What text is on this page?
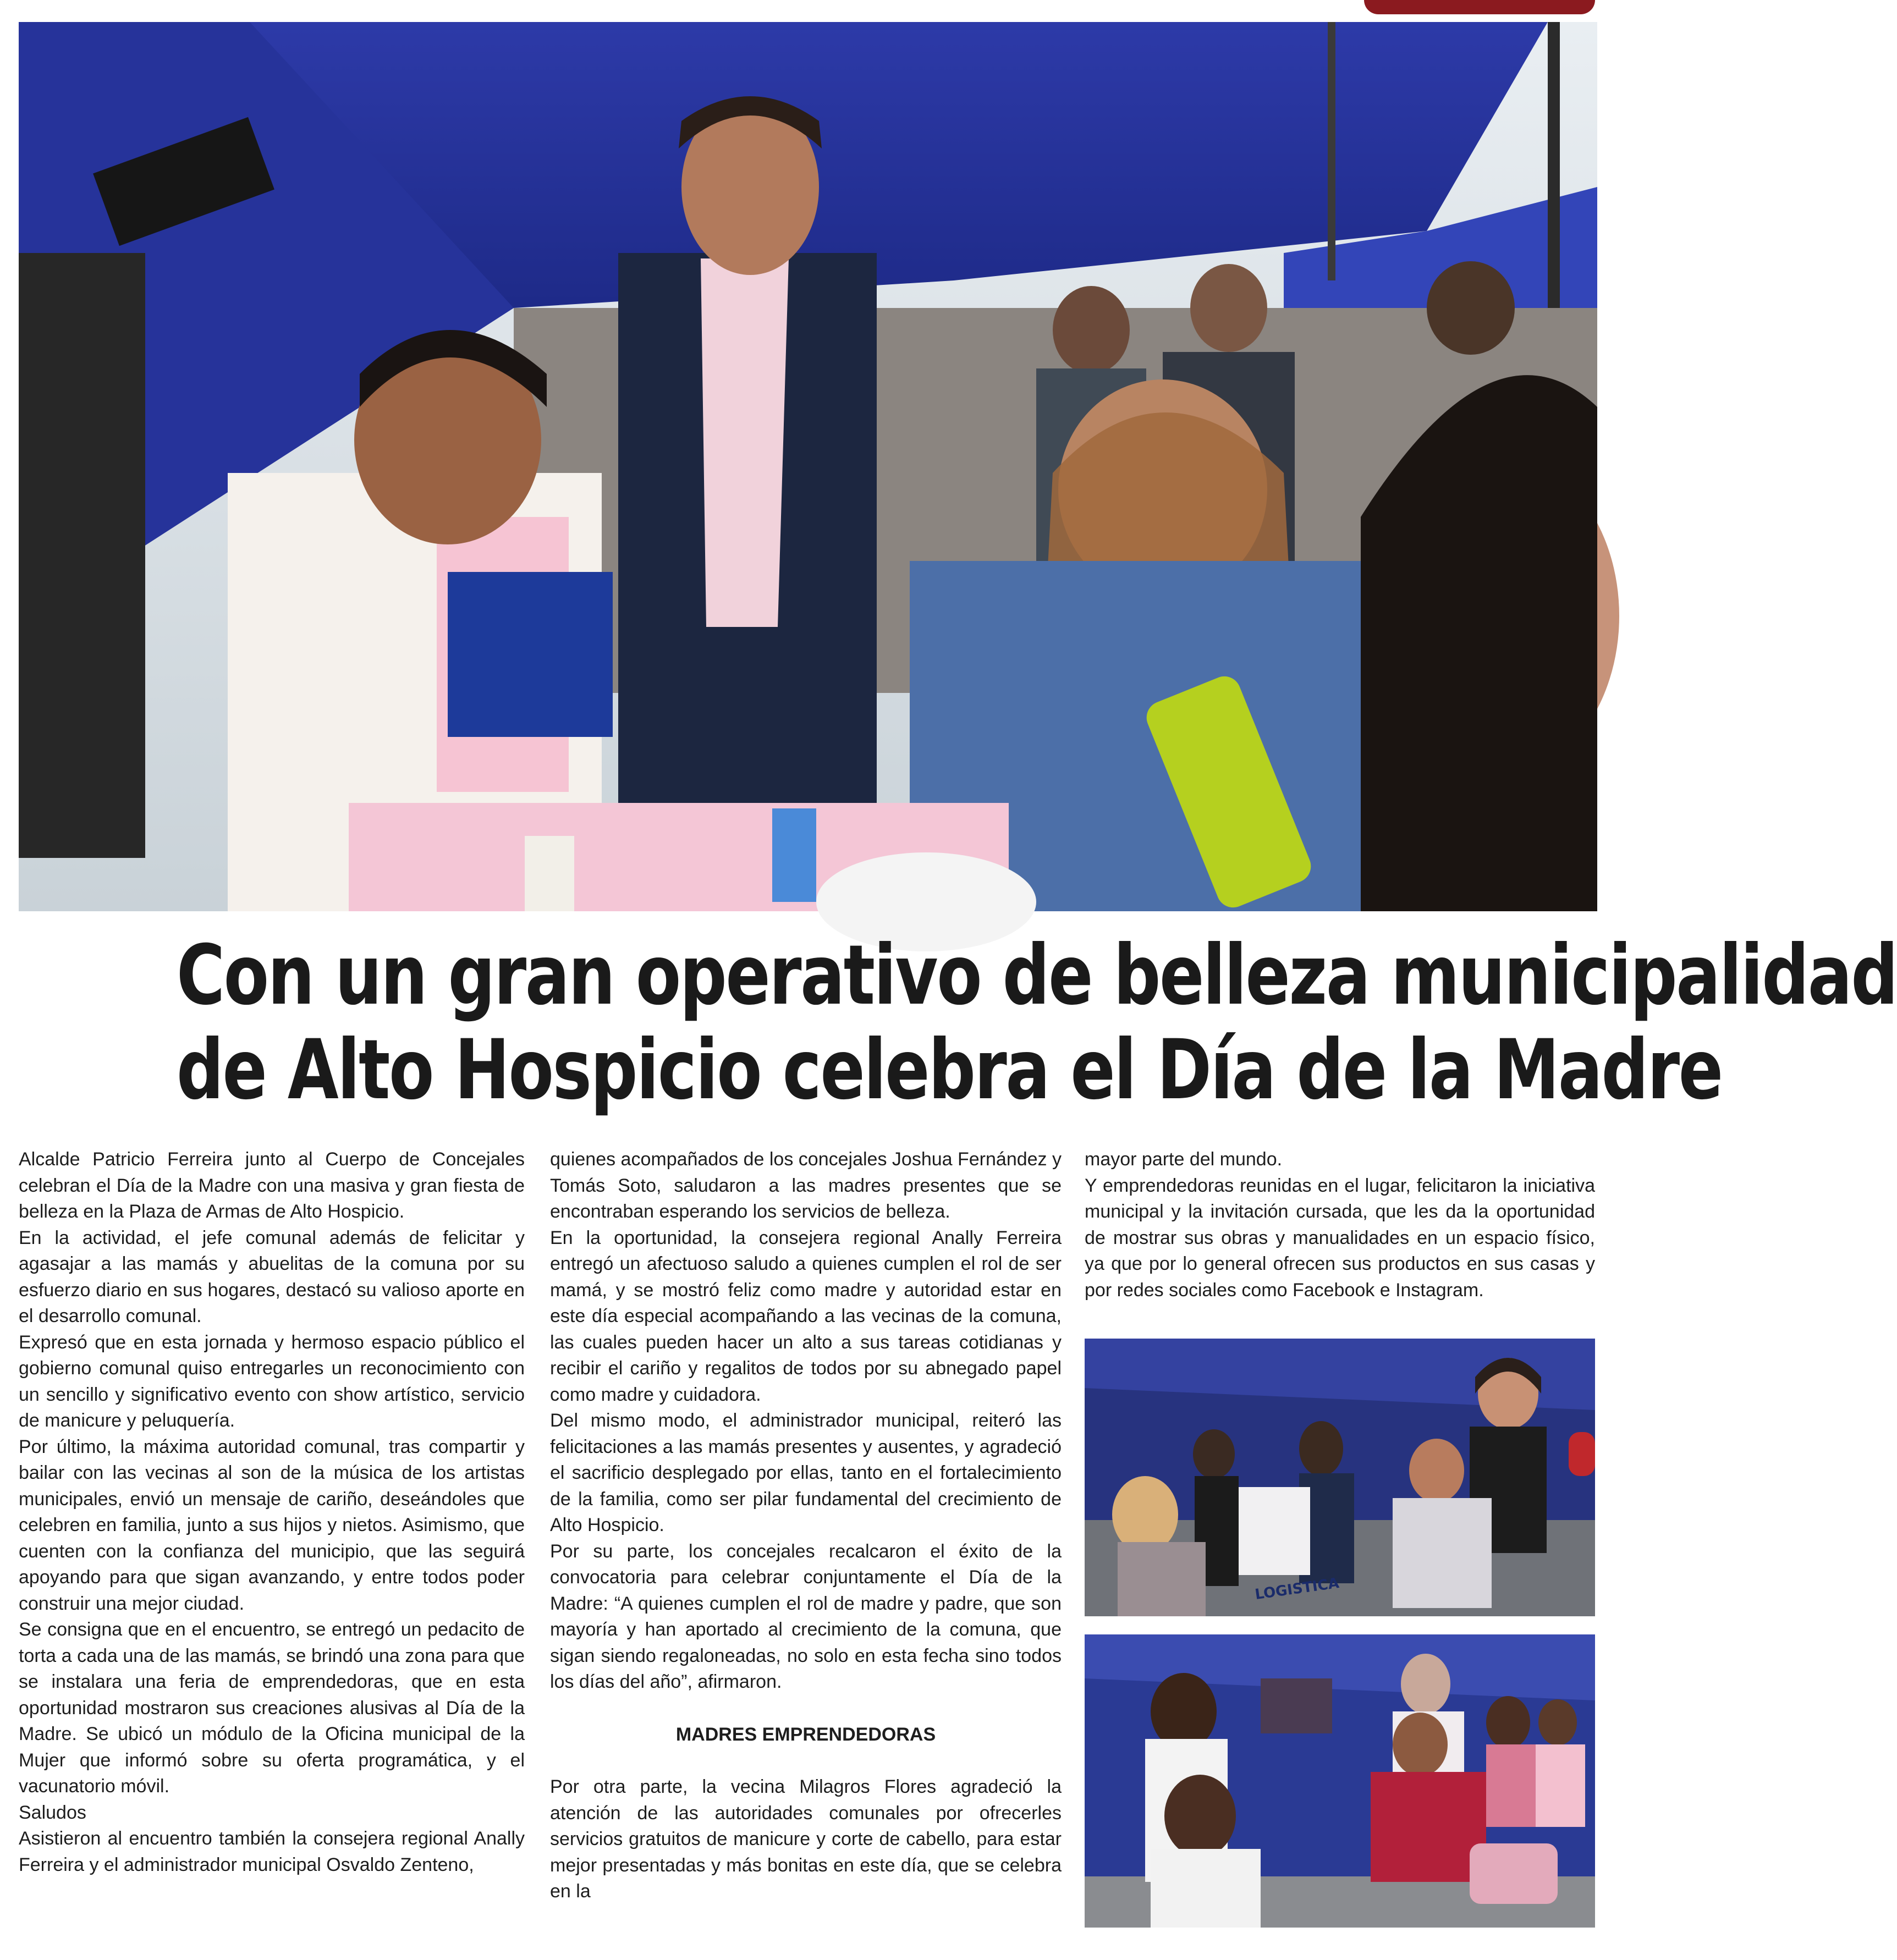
Con un gran operativo de belleza municipalidad
de Alto Hospicio celebra el Día de la Madre

Alcalde Patricio Ferreira junto al Cuerpo de Concejales celebran el Día de la Madre con una masiva y gran fiesta de belleza en la Plaza de Armas de Alto Hospicio.

En la actividad, el jefe comunal además de felicitar y agasajar a las mamás y abuelitas de la comuna por su esfuerzo diario en sus hogares, destacó su valioso aporte en el desarrollo comunal.

Expresó que en esta jornada y hermoso espacio público el gobierno comunal quiso entregarles un reconocimiento con un sencillo y significativo evento con show artístico, servicio de manicure y peluquería.

Por último, la máxima autoridad comunal, tras compartir y bailar con las vecinas al son de la música de los artistas municipales, envió un mensaje de cariño, deseándoles que celebren en familia, junto a sus hijos y nietos. Asimismo, que cuenten con la confianza del municipio, que las seguirá apoyando para que sigan avanzando, y entre todos poder construir una mejor ciudad.

Se consigna que en el encuentro, se entregó un pedacito de torta a cada una de las mamás, se brindó una zona para que se instalara una feria de emprendedoras, que en esta oportunidad mostraron sus creaciones alusivas al Día de la Madre. Se ubicó un módulo de la Oficina municipal de la Mujer que informó sobre su oferta programática, y el vacunatorio móvil.

Saludos

Asistieron al encuentro también la consejera regional Anally Ferreira y el administrador municipal Osvaldo Zenteno,

quienes acompañados de los concejales Joshua Fernández y Tomás Soto, saludaron a las madres presentes que se encontraban esperando los servicios de belleza.

En la oportunidad, la consejera regional Anally Ferreira entregó un afectuoso saludo a quienes cumplen el rol de ser mamá, y se mostró feliz como madre y autoridad estar en este día especial acompañando a las vecinas de la comuna, las cuales pueden hacer un alto a sus tareas cotidianas y recibir el cariño y regalitos de todos por su abnegado papel como madre y cuidadora.

Del mismo modo, el administrador municipal, reiteró las felicitaciones a las mamás presentes y ausentes, y agradeció el sacrificio desplegado por ellas, tanto en el fortalecimiento de la familia, como ser pilar fundamental del crecimiento de Alto Hospicio.

Por su parte, los concejales recalcaron el éxito de la convocatoria para celebrar conjuntamente el Día de la Madre: “A quienes cumplen el rol de madre y padre, que son mayoría y han aportado al crecimiento de la comuna, que sigan siendo regaloneadas, no solo en esta fecha sino todos los días del año”, afirmaron.

MADRES EMPRENDEDORAS

Por otra parte, la vecina Milagros Flores agradeció la atención de las autoridades comunales por ofrecerles servicios gratuitos de manicure y corte de cabello, para estar mejor presentadas y más bonitas en este día, que se celebra en la

mayor parte del mundo.

Y emprendedoras reunidas en el lugar, felicitaron la iniciativa municipal y la invitación cursada, que les da la oportunidad de mostrar sus obras y manualidades en un espacio físico, ya que por lo general ofrecen sus productos en sus casas y por redes sociales como Facebook e Instagram.

LOGISTICA
